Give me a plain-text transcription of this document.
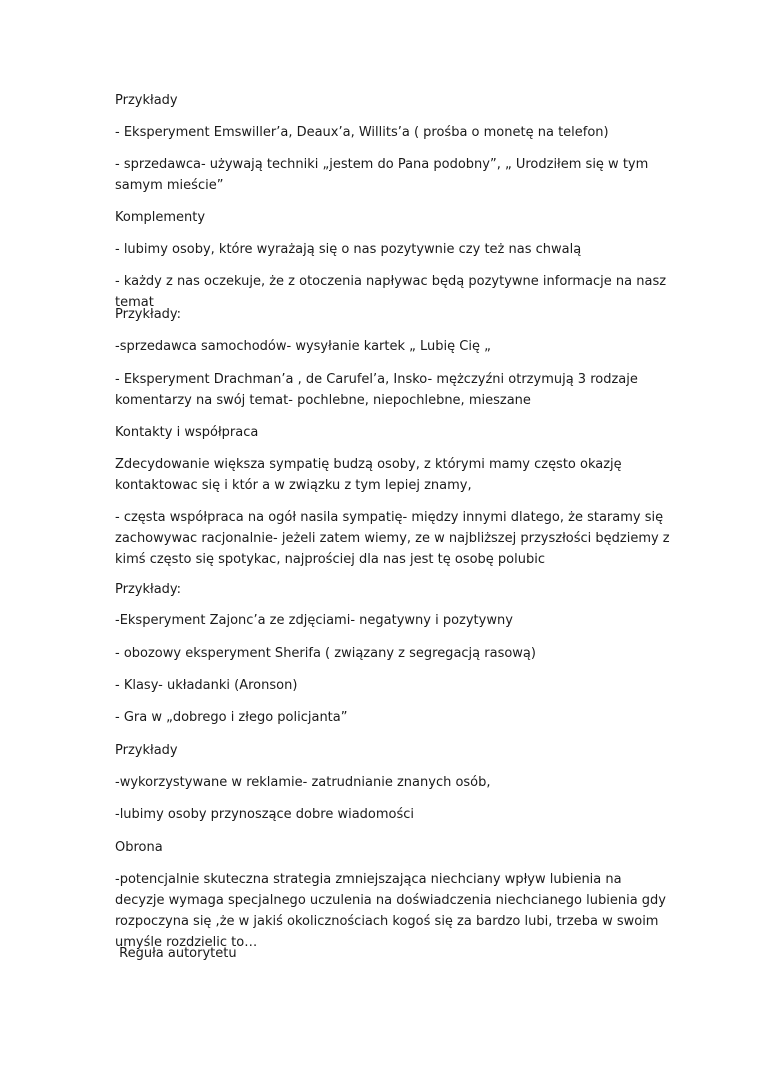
Przykłady

- Eksperyment Emswiller’a, Deaux’a, Willits’a ( prośba o monetę na telefon)

- sprzedawca- używają techniki „jestem do Pana podobny”, „ Urodziłem się w tym samym mieście”

Komplementy

- lubimy osoby, które wyrażają się o nas pozytywnie czy też nas chwalą

- każdy z nas oczekuje, że z otoczenia napływac będą pozytywne informacje na nasz temat

Przykłady:

-sprzedawca samochodów- wysyłanie kartek „ Lubię Cię „

- Eksperyment Drachman’a , de Carufel’a, Insko- mężczyźni otrzymują 3 rodzaje komentarzy na swój temat- pochlebne, niepochlebne, mieszane

Kontakty i współpraca

Zdecydowanie większa sympatię budzą osoby, z którymi mamy często okazję kontaktowac się i któr a w związku z tym lepiej znamy,

- częsta współpraca na ogół nasila sympatię- między innymi dlatego, że staramy się zachowywac racjonalnie- jeżeli zatem wiemy, ze w najbliższej przyszłości będziemy z kimś często się spotykac, najprościej dla nas jest tę osobę polubic

Przykłady:

-Eksperyment Zajonc’a ze zdjęciami- negatywny i pozytywny

- obozowy eksperyment Sherifa ( związany z segregacją rasową)

- Klasy- układanki (Aronson)

- Gra w „dobrego i złego policjanta”

Przykłady

-wykorzystywane w reklamie- zatrudnianie znanych osób,

-lubimy osoby przynoszące dobre wiadomości

Obrona

-potencjalnie skuteczna strategia zmniejszająca niechciany wpływ lubienia na decyzje wymaga specjalnego uczulenia na doświadczenia niechcianego lubienia gdy rozpoczyna się ,że w jakiś okolicznościach kogoś się za bardzo lubi, trzeba w swoim umyśle rozdzielic to…

Reguła autorytetu
